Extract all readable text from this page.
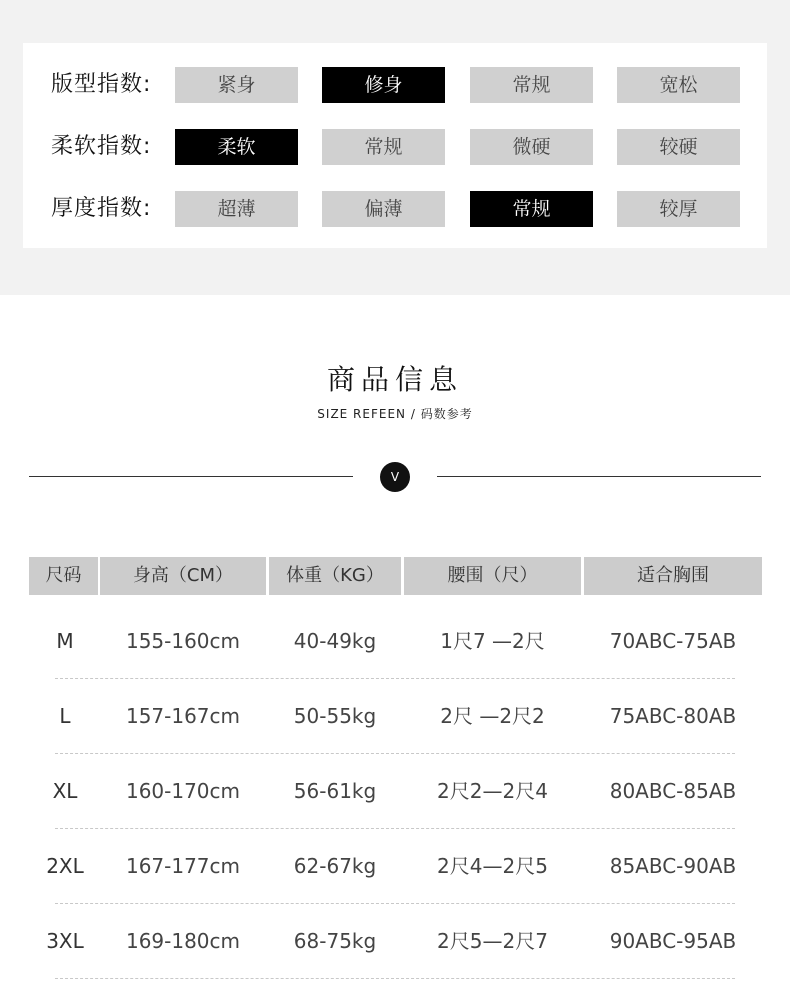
版型指数:	紧身	修身	常规	宽松
柔软指数:	柔软	常规	微硬	较硬
厚度指数:	超薄	偏薄	常规	较厚
商品信息
SIZE REFEEN / 码数参考
V
尺码	身高（CM）	体重（KG）	腰围（尺）	适合胸围
M	155-160cm	40-49kg	1尺7 —2尺	70ABC-75AB
L	157-167cm	50-55kg	2尺 —2尺2	75ABC-80AB
XL	160-170cm	56-61kg	2尺2—2尺4	80ABC-85AB
2XL	167-177cm	62-67kg	2尺4—2尺5	85ABC-90AB
3XL	169-180cm	68-75kg	2尺5—2尺7	90ABC-95AB
